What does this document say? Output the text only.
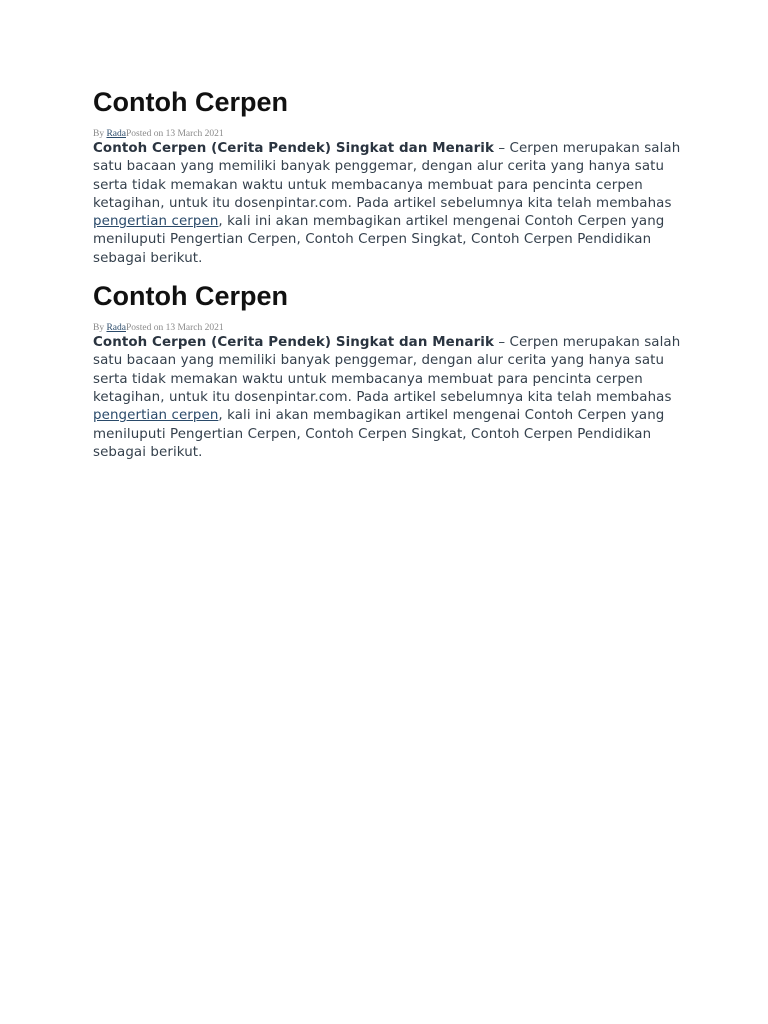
Contoh Cerpen

By RadaPosted on 13 March 2021

Contoh Cerpen (Cerita Pendek) Singkat dan Menarik – Cerpen merupakan salah satu bacaan yang memiliki banyak penggemar, dengan alur cerita yang hanya satu serta tidak memakan waktu untuk membacanya membuat para pencinta cerpen ketagihan, untuk itu dosenpintar.com. Pada artikel sebelumnya kita telah membahas pengertian cerpen, kali ini akan membagikan artikel mengenai Contoh Cerpen yang meniluputi Pengertian Cerpen, Contoh Cerpen Singkat, Contoh Cerpen Pendidikan sebagai berikut.

Contoh Cerpen

By RadaPosted on 13 March 2021

Contoh Cerpen (Cerita Pendek) Singkat dan Menarik – Cerpen merupakan salah satu bacaan yang memiliki banyak penggemar, dengan alur cerita yang hanya satu serta tidak memakan waktu untuk membacanya membuat para pencinta cerpen ketagihan, untuk itu dosenpintar.com. Pada artikel sebelumnya kita telah membahas pengertian cerpen, kali ini akan membagikan artikel mengenai Contoh Cerpen yang meniluputi Pengertian Cerpen, Contoh Cerpen Singkat, Contoh Cerpen Pendidikan sebagai berikut.
